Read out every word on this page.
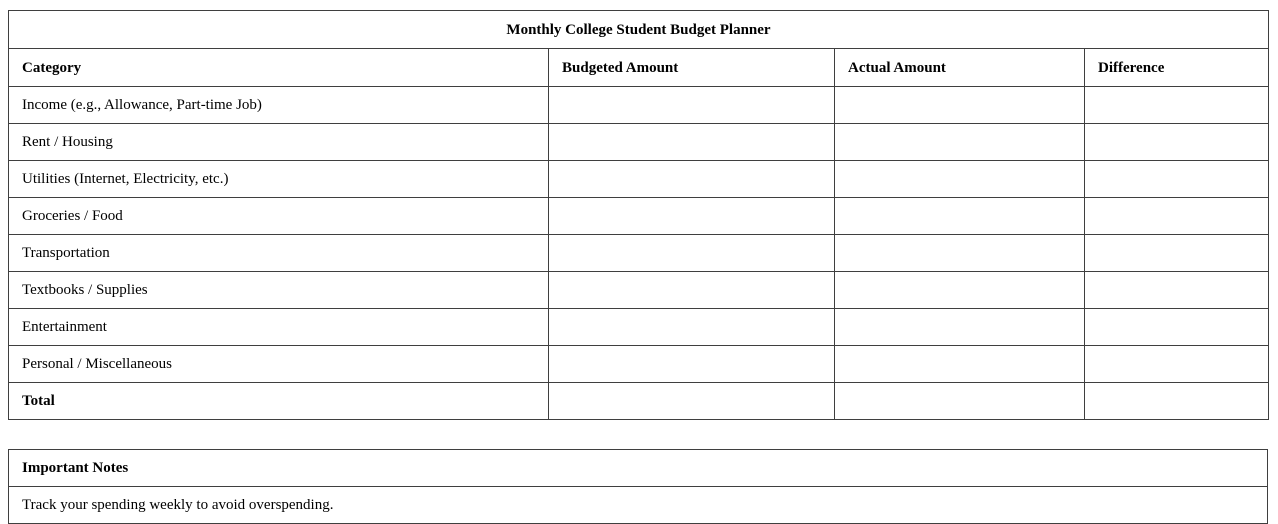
Monthly College Student Budget Planner			
Category	Budgeted Amount	Actual Amount	Difference
Income (e.g., Allowance, Part-time Job)			
Rent / Housing			
Utilities (Internet, Electricity, etc.)			
Groceries / Food			
Transportation			
Textbooks / Supplies			
Entertainment			
Personal / Miscellaneous			
Total			
Important Notes
Track your spending weekly to avoid overspending.
